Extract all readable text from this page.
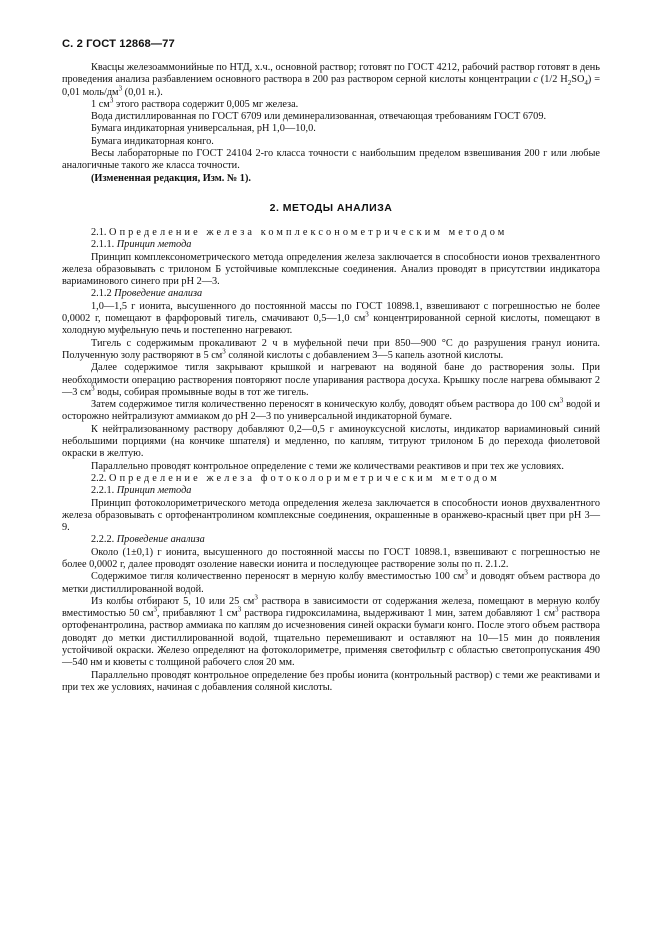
С. 2 ГОСТ 12868—77

Квасцы железоаммонийные по НТД, х.ч., основной раствор; готовят по ГОСТ 4212, рабочий раствор готовят в день проведения анализа разбавлением основного раствора в 200 раз раствором серной кислоты концентрации c (1/2 $H_2SO_4) = 0,01$ моль/$дм^3$ (0,01 н.).

1 $см^3$ этого раствора содержит 0,005 мг железа.

Вода дистиллированная по ГОСТ 6709 или деминерализованная, отвечающая требованиям ГОСТ 6709.

Бумага индикаторная универсальная, рН 1,0—10,0.

Бумага индикаторная конго.

Весы лабораторные по ГОСТ 24104 2-го класса точности с наибольшим пределом взвешивания 200 г или любые аналогичные такого же класса точности.

(Измененная редакция, Изм. № 1).

2. МЕТОДЫ АНАЛИЗА

2.1. Определение железа комплексонометрическим методом

2.1.1. Принцип метода

Принцип комплексонометрического метода определения железа заключается в способности ионов трехвалентного железа образовывать с трилоном Б устойчивые комплексные соединения. Анализ проводят в присутствии индикатора вариаминового синего при рН 2—3.

2.1.2 Проведение анализа

1,0—1,5 г ионита, высушенного до постоянной массы по ГОСТ 10898.1, взвешивают с погрешностью не более 0,0002 г, помещают в фарфоровый тигель, смачивают 0,5—1,0 $см^3$ концентрированной серной кислоты, помещают в холодную муфельную печь и постепенно нагревают.

Тигель с содержимым прокаливают 2 ч в муфельной печи при 850—900 °С до разрушения гранул ионита. Полученную золу растворяют в 5 $см^3$ соляной кислоты с добавлением 3—5 капель азотной кислоты.

Далее содержимое тигля закрывают крышкой и нагревают на водяной бане до растворения золы. При необходимости операцию растворения повторяют после упаривания раствора досуха. Крышку после нагрева обмывают 2—3 $см^3$ воды, собирая промывные воды в тот же тигель.

Затем содержимое тигля количественно переносят в коническую колбу, доводят объем раствора до 100 $см^3$ водой и осторожно нейтрализуют аммиаком до рН 2—3 по универсальной индикаторной бумаге.

К нейтрализованному раствору добавляют 0,2—0,5 г аминоуксусной кислоты, индикатор вариаминовый синий небольшими порциями (на кончике шпателя) и медленно, по каплям, титруют трилоном Б до перехода фиолетовой окраски в желтую.

Параллельно проводят контрольное определение с теми же количествами реактивов и при тех же условиях.

2.2. Определение железа фотоколориметрическим методом

2.2.1. Принцип метода

Принцип фотоколориметрического метода определения железа заключается в способности ионов двухвалентного железа образовывать с ортофенантролином комплексные соединения, окрашенные в оранжево-красный цвет при рН 3—9.

2.2.2. Проведение анализа

Около (1±0,1) г ионита, высушенного до постоянной массы по ГОСТ 10898.1, взвешивают с погрешностью не более 0,0002 г, далее проводят озоление навески ионита и последующее растворение золы по п. 2.1.2.

Содержимое тигля количественно переносят в мерную колбу вместимостью 100 $см^3$ и доводят объем раствора до метки дистиллированной водой.

Из колбы отбирают 5, 10 или 25 $см^3$ раствора в зависимости от содержания железа, помещают в мерную колбу вместимостью 50 $см^3$, прибавляют 1 $см^3$ раствора гидроксиламина, выдерживают 1 мин, затем добавляют 1 $см^3$ раствора ортофенантролина, раствор аммиака по каплям до исчезновения синей окраски бумаги конго. После этого объем раствора доводят до метки дистиллированной водой, тщательно перемешивают и оставляют на 10—15 мин до появления устойчивой окраски. Железо определяют на фотоколориметре, применяя светофильтр с областью светопропускания 490—540 нм и кюветы с толщиной рабочего слоя 20 мм.

Параллельно проводят контрольное определение без пробы ионита (контрольный раствор) с теми же реактивами и при тех же условиях, начиная с добавления соляной кислоты.
